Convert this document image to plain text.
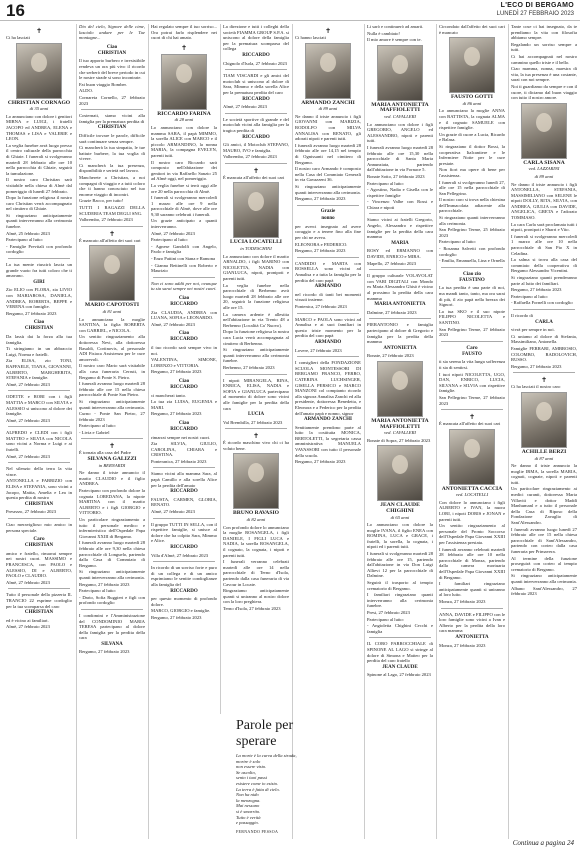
16	L'ECO DI BERGAMO
LUNEDÌ 27 FEBBRAIO 2023
✝

Ci ha lasciati

CHRISTIAN CORNAGO
di 35 anni

Lo annunciano con dolore i genitori MIRNA e LUIGI, i fratelli JACOPO ed ANDREA, ELENA e THOMAS e LISA e VALERIE e LEON.

La veglia funebre avrà luogo presso il centro culturale della parrocchia di Ghiaie. I funerali si svolgeranno martedì 28 febbraio alle ore 10 nella parrocchia di Ghiaie, seguirà la tumulazione.

Il nostro caro Christian sarà visitabile nella chiesa di Almè dal pomeriggio di lunedì 27 febbraio.

Dopo la funzione religiosa il nostro caro Christian verrà accompagnato nel cimitero di Ghiaie.

Si ringraziano anticipatamente quanti interverranno alla cerimonia funebre.

Almè, 25 febbraio 2023

Partecipano al lutto:

- Famiglie Previtali con profondo cordoglio

La tua mente riuscirà lascia un grande vuoto fra tutti coloro che ti amavano.

GIRI

Zio ELIO con FLORA, zia LIVIO con MARIAROSA, DANIELA, ANDREA, ROBERTA, BEPPE e VERENA con famiglie.

Bergamo, 27 febbraio 2023

Ciao
CHRISTIAN

Da lassù dai la forza alla tua famiglia.

Ti stringiamo in un abbraccio Luigi, Norma e fratelli.

Zia ELISA, zio TONI, RAFFAELE, TIANA, GIOVANNI, ALBERTO, MARGHERITA, STEFANIA e famiglie.

Almè, 27 febbraio 2023

ODETTE e ROBI con i figli MATTIA e MARCO con SILVIA e ALESSIO si uniscono al dolore dei famiglie.

Almè, 27 febbraio 2023

ALFREDO e CLEDI con i figli MATTEO e SILVIA con NICOLA sono vicini a Norma e Luigi e ai fratelli.

Almè, 27 febbraio 2023

Nel silenzio della terra la vita vince.

ANTONELLA e FABRIZIO con ELISA e STEFANIA, sono vicini a Jacopo, Mattia, Amelia e Lea in questa perdita di nostro

CHRISTIAN

Presezzo, 27 febbraio 2023

Ciao meraviglioso mio amico in persona speciale.

Caro
CHRISTIAN

amico e fratello, rimarrai sempre nei nostri cuori. MASSIMO e FRANCESCA, con PAOLO e ALESSIO, DI e ALBERTO, PAOLO e CLAUDIO.

Almè, 27 febbraio 2023

Tutto il personale della pizzeria IL TRANCIO 22 esprime cordoglio per la tua scomparsa del caro

CHRISTIAN

ed è vicino ai familiari.

Almè, 27 febbraio 2023

Dio del cielo, Signore delle cime, lascialo andare per le Tue montagne...

Ciao
CHRISTIAN

Il tuo apporto burbero e irresistibile rendeva un ora più vivo il ricordo che serberò del breve periodo in cui le nostre strade si sono incontrate.

Fai buon viaggio Bomber.

ALDO.

Cornareta Cornello, 27 febbraio 2023

Costernati, siamo vicini alla famiglia per la prematura perdita di

CHRISTIAN

Difficile trovare le parole, difficile sarà continuare senza sempre.

Ci mancherà la tua simpatia, le tue battute burbere, la tua voglia di vivere.

Ci mancherà la tua presenza, disponibilità e serietà nel lavoro.

Mancherete a Christian, a noi compagni di viaggio e a tutti coloro che ti hanno conosciuto nel tuo enorme viaggio di incontri.

Grazie Bacco, per tutto!

TUTTI I RAGAZZI DELLA SCUDERIA TEAM DEGLI SNG.

Valbrembo, 27 febbraio 2023

✝

È mancato all'affetto dei suoi cari

MARIO CAPOTOSTI
di 81 anni

Lo annunciano la moglie SANTINA, la figlia ROBERTA con GABRIEL, e NICOLA.

Un sentito ringraziamento alla dottoressa Nevi, alla dottoressa Basaldi, Cortinovis, al personale ADI Fisiaca Assistenza per le cure amorevoli.

Il nostro caro Mario sarà visitabile alla casa funeraria Cerruti, in Bergamo di Ponte S. Pietro.

I funerali avranno luogo martedì 28 febbraio alle ore 15 nella chiesa parrocchiale di Ponte San Pietro.

Si ringraziano anticipatamente quanti interverranno alla cerimonia.

Curno - Ponte San Pietro, 27 febbraio 2023

Partecipano al lutto:

- Livia e Gabriel

✝

È tornata alla casa del Padre

SILVANA GALIZZI
in BERNARDI

Ne danno il triste annuncio il marito CLAUDIO e il figlio ANDREA.

Partecipano con profondo dolore la cognata LOREDANA, la nipote MARTINA con il marito ALBERTO e i figli GIORGIO e VITTORIO.

Un particolare ringraziamento a tutto il personale medico e infermieristico dell'Ospedale Papa Giovanni XXIII di Bergamo.

I funerali avranno luogo martedì 28 febbraio alle ore 9,30 nella chiesa parrocchiale di Longuelo, partendo dalla Casa di Commiato di Bergamo.

Si ringraziano anticipatamente quanti interverranno alla cerimonia.

Bergamo, 27 febbraio 2023

Partecipano al lutto:

- Dario, Sofia Ruggieri e figli con profondo cordoglio

I condomini e l'Amministrazione del CONDOMINIO MARIA TERESA partecipano al dolore della famiglia per la perdita della cara

SILVANA

Bergamo, 27 febbraio 2023

Hai regalato sempre il tuo sorriso... Ora potrai farlo risplendere nei cuori di chi hai amato.

✝
RICCARDO FARINA
di 28 anni

Lo annunciano con dolore la mamma SARA, il papà MIMMO, la sorella ALICE con MARCO e il piccolo ARMANDINO, la nonna MARIA, la compagna EVELYN, parenti tutti.

Il nostro caro Riccardo sarà composto nell'abitazione dei genitori in via Raffaello Sanzio 25 ad Almè oggi, nel pomeriggio.

La veglia funebre si terrà oggi alle ore 20 nella parrocchia di Almè.

I funerali si svolgeranno mercoledì 1 marzo alle ore 9 nella parrocchiale di Almè, dove alle ore 9,30 saranno celebrati i funerali.

Un grazie anticipato a quanti interverranno.

Almè, 27 febbraio 2023

Partecipano al lutto:

- Agnese Gandolfi con Angelo, Paolo e famiglia

- Enzo Pattini con Siana e Ramona

- Gianna Bettinelli con Roberto e Maurizio

Non ci sono addii per noi, ovunque tu sia sarai sempre nei nostri cuori.

Ciao
RICCARDO

Zia CLAUDIA, ANDREA con LUANA, SOFIA e LEONARDO.

Almè, 27 febbraio 2023

Ciao
RICCARDO

il tuo ricordo sarà sempre vivo in noi.

VALENTINA, SIMONE, LORENZO e VITTORIA.

Bergamo, 27 febbraio 2023

Ciao
RICCARDO

ci mancherai tanto.

La tua zia LUISA, EUGENIA e MARI.

Bergamo, 27 febbraio 2023

Ciao
RICCARDO

rimarrai sempre nei nostri cuori.

Zia SILVIA, GIULIO, CAROLINA, CHIARA e CRISTINA.

Ponteranica, 27 febbraio 2023

Siamo vicini alla mamma Sara, al papà Camillo e alla sorella Alice per la perdita dell'amato

RICCARDO

FAUSTA, CARMEN, GLORIA, RENATO.

Almè, 27 febbraio 2023

Il gruppo TUTTI IN SELLA, con il rispettive famiglie, si unisce al dolore che ha colpito Sara, Mimmo e Alice.

RICCARDO

Villa d'Almè, 27 febbraio 2023

In ricordo di un sorriso forte e puro di un collega e di un amico esprimiamo le sentite condoglianze alla famiglia del

RICCARDO

per questo momento di profondo dolore.

MARCO, GIORGIO e famiglie.

Bergamo, 27 febbraio 2023

La direzione e tutti i colleghi della società FIAMMA GROUP S.P.A. si uniscono al dolore della famiglia per la prematura scomparsa del collega

RICCARDO

Chignolo d'Isola, 27 febbraio 2023

TIAM VISCARDI e gli amici del motoclub si uniscono al dolore di Sara, Mimmo e della sorella Alice per la prematura perdita del caro

RICCARDO

Almè, 27 febbraio 2023

Le società sportive di grande e del motoclub vicini alla famiglia per la tragica perdita di

RICCARDO

Gli amici, il Motoclub STEFANO, MAURO, IVO e famiglia.

Valbrembo, 27 febbraio 2023

✝

È mancata all'affetto dei suoi cari

LUCIA LOCATELLI
in TODESCHINI

Lo annunciano con dolore il marito ARNALDO, i figli MARINO con NICOLETTA, NADIA con GIANLUCA, nipoti, pronipoti e parenti tutti.

La veglia funebre nella parrocchiale di Berbenno avrà luogo martedì 28 febbraio alle ore 20, seguirà la funzione religiosa alle ore 15.

La camera ardente è allestita nell'abitazione in via Trento 48 a Berbenno (Località Ca' Nuovo).

Dopo la funzione religiosa la nostra cara Lucia verrà accompagnata al cimitero di Berbenno.

Si ringraziano anticipatamente quanti interverranno alla cerimonia funebre.

Berbenno, 27 febbraio 2023

I nipoti MIRANGELA, RINA, ENRICA, ELISA, NADIA e SOFIA e GIANLUCA partecipano al momento di dolore sono vicini alle famiglie per la perdita della cara

LUCIA

Val Brembilla, 27 febbraio 2023

✝

È ricordo maschino vivo chi ci ha voluto bene.

BRUNO RAVASIO
di 82 anni

Con profondo dolore lo annunciano la moglie ROSANGELA, i figli DANIELE, I FIGLI LUCA e NADIA, la sorella ROSANGELA, il cognato, la cognata, i nipoti e parenti tutti.

I funerali verranno celebrati martedì alle ore 14 nella parrocchiale di Terno d'Isola, partendo dalla casa funeraria di via Cavour in Locate.

Ringraziamo anticipatamente quanti si uniranno al nostro dolore con la loro preghiera.

Terno d'Isola, 27 febbraio 2023

✝

Ci hanno lasciati

ARMANDO ZANCHI
di 89 anni

Ne danno il triste annuncio i figli GIOVANNI con MARIZIA, RODOLFO con MILVA ANNALISA con RENATO, gli adorati nipoti e parenti tutti.

I funerali avranno luogo martedì 28 febbraio alle ore 14,15 nel tempio di Ognissanti nel cimitero di Bergamo.

Il nostro caro Armando è composto nella Casa del Commiato Generali in via Gavazzeni 36.

Si ringraziano anticipatamente quanti interverranno alla cerimonia.

Bergamo, 27 febbraio 2023

Grazie
nonno

per averci insegnato ad avere coraggio e a tenere fino alla fine per chi ne aveva.

ELEONORA e FEDERICO.

Bergamo, 27 febbraio 2023

CANDIDO e MARTA con ROSSELLA sono vicini ad Annalisa e a tutta la famiglia per la perdita del caro papà

ARMANDO

nel ricordo di tanti bei momenti vissuti insieme.

Pontenica, 27 febbraio 2023

MARCO e PAOLA sono vicini ad Annalisa e ai suoi familiari in questo triste momento per la perdita del caro papà

ARMANDO

Lovere, 27 febbraio 2023

I consiglieri della FONDAZIONE SCUOLA MONTESSORI DI BERGAMO FRANCO, FERRO, CATERINA LUCHSINGER, GISELLA PERSICO e MARCO MANZONI col compianto ricordo alla signora Annalisa Zanchi ed alla presidente, dottoressa Benedetta, e Eleonora e a Federico per la perdita dell'amato papà e nonno, signor

ARMANDO ZANCHI

Sentitamente prendono parte al lutto la costituita MONICA, BERTOLETTI, la segretaria cassa amministrativa MANUELA VAVASSORI con tutto il personale della scuola.

Bergamo, 27 febbraio 2023

Li sarò e continuerò ad amarti.

Nulla è cambiato!

Il mio amore è sempre con te.

MARIA ANTONIETTA MAFFIOLETTI
ved. CAVALLERI

Lo annunciano con dolore i figli GREGORIO, ANGELO ed ALESSANDRO, nipoti e parenti tutti.

I funerali avranno luogo martedì 28 febbraio alle ore 15,30 nella parrocchiale di Santa Maria Annunziata, partendo dall'abitazione in via Fornace 5.

Bonate Sotto, 27 febbraio 2023

Partecipano al lutto:

- Agostino, Nadia e Gisella con le rispettive famiglie

- Vincenzo Valbe con Rossi e Chiara e nipoti

Siamo vicini ai fratelli Gregorio, Angelo, Alessandro e rispettive famiglie per la perdita della cara mamma

MARIA

ROSY ed ERMANNO con DAVIDE, ENRICO e MIRA.

Mapello, 27 febbraio 2023

Il gruppo culturale VOLAVOLAT con VARI DIGITALI con Mondo ex Maria Alessandro Ghisò è vicino al prossimo la perdita della cara mamma

MARIA ANTONIETTA

Dalmine, 27 febbraio 2023

PIERANTONIO e famiglia partecipano al dolore di Gregorio e famiglia per la perdita della mamma

ANTONIETTA

Bonate, 27 febbraio 2023

MARIA ANTONIETTA MAFFIOLETTI
ved. CAVALLERI

Bonate di Sopra, 27 febbraio 2023

JEAN CLAUDE CHIGHINI
di 65 anni

Lo annunciano con dolore la moglie IVANA, il figlio ENEA con ROMINA, LUCA e GRACE, i fratelli, la sorella, la cognata, i nipoti ed i parenti tutti.

I funerali si svolgeranno martedì 28 febbraio alle ore 15, partendo dall'abitazione in via Don Luigi Allievi 12 per la parrocchiale di Dalmine.

Seguirà il trasporto al tempio crematorio di Bergamo.

I familiari ringraziano quanti interverranno alla cerimonia funebre.

Presi, 27 febbraio 2023

Partecipano al lutto:

- Angioletta Chighini Cecchi e famiglia

IL CORO PARROCCHIALE di SPINONE AL LAGO si stringe al dolore di Simona e Matteo per la perdita del caro fratello

JEAN CLAUDE

Spinone al Lago, 27 febbraio 2023

Circondato dall'affetto dei suoi cari è mancato

FAUSTO GOTTI
di 86 anni

Lo annunciano la moglie ANNA con BATTISTA, la cognata ALMA e il cognato SAMUELE con rispettive famiglie.

Un grazie di cuore a Lucia, Ricardo e Balasa.

Si ringraziano il dottor Bossi, la cooperativa Italcantiere e le Infermiere Notte per le cure prestate.

Non fiori ma opere di bene per l'assistenza.

I funerali si svolgeranno lunedì 27, alle ore 15 nella parrocchiale di San Pellegrino.

Il nostro caro si trova nella chiesina dell'Immacolata adiacente alla parrocchiale.

Si ringraziano quanti interverranno alla cerimonia.

San Pellegrino Terme, 25 febbraio 2023

Partecipano al lutto:

- Rosanna Salvetti con profondo cordoglio

- Emilia, Emanuella, Lina e Ornella

Ciao zio
FAUSTINO

La tua perdita è una parte di noi, ma mandi tanto, tanto, ma ora sarai di più, il zio papà nella brezza dei Signori.

La tua SKO e il suo nipote FILIPPO NICOLETTA e SANTINO.

San Pellegrino Terme, 27 febbraio 2023

Caro
FAUSTO

ti sia serena la vita lunga sofferenza ti sia di sentirsi.

I tuoi nipoti NICOLETTA, UGO, DAN, ENRICO, LUCIA, SILVANA e SILVIA con rispettive famiglie.

San Pellegrino Terme, 27 febbraio 2023

✝

È mancata all'affetto dei suoi cari

ANTONIETTA CACCIA
ved. LOCATELLI

Con dolore lo annunciano i figli ALBERTO e IVAN, la nuora LORI, i nipoti DORIS e JONAN e parenti tutti.

Un sentito ringraziamento al personale del Pronto Soccorso dell'Ospedale Papa Giovanni XXIII per l'assistenza prestata.

I funerali avranno celebrati martedì 28 febbraio alle ore 10 nella parrocchiale di Monza, partendo dalla camera mortuaria dell'Ospedale Papa Giovanni XXIII di Bergamo.

I familiari ringraziano anticipatamente quanti si uniranno al loro lutto.

Monza, 27 febbraio 2023

ANNA, DAVIDE e FILIPPO con le loro famiglie sono vicini a Ivan e Alberto per la perdita della loro cara mamma

ANTONIETTA

Monza, 27 febbraio 2023

Tante cose ci hai insegnato, da te prendiamo la vita con filosofia abbiamo sempre.

Regalando un sorriso sempre a tutti.

Ci hai accompagnati nel nostro cammino quello triste e il bello.

Ciao mamma, nonna, maestra di vita, la tua presenza è una costante, sarai con noi sempre.

Noi ti guardiamo da sempre e con il cuore, ti diciamo dal buon viaggio con tutto il nostro amore.

CARLA SISANA
ved. LAZZARINI
di 89 anni

Ne danno il triste annuncio i figli ANTONELLA, STEFANIA, MASSIMILIANO con SELENE le nipoti DOLLY, RITA, SILVIA, con ANDREA, GIULIA con DAVIDE, ANGELICA, GRETA e l'adorato TOMMASO.

La cara Carla sarà proclamata tutti i nipoti, pronipoti e Sharri e Vito.

I funerali si svolgeranno mercoledì 1 marzo alle ore 10 nella parrocchiale di San Pio X in Celadina.

La salma si trova alla casa del commiato della cooperativa di Bergamo Alessandro Vicentini.

Si ringraziano quanti prenderanno parte al lutto dei familiari.

Bergamo, 27 febbraio 2023

Partecipano al lutto:

- Raffaella Fornelli con cordoglio

Il ricordo di

CARLA

vivrà per sempre in noi.

Ci uniamo al dolore di Stefania, Massimiliano, Antonella.

Famiglie FERRARI, AMBROSIO, COLOMBO, RADOLOVICH, RUSSO.

Bergamo, 27 febbraio 2023

✝

Ci ha lasciati il nostro caro

ACHILLE BERZI
di 87 anni

Ne danno il triste annuncio la moglie IRMA, la sorella MARIA, cognati, cognate, nipoti e parenti tutti.

Un particolare ringraziamento ai medici curanti, dottoressa Maria Villaviti e dottor Maddì Manhumanl e a tutto il personale della Casa di Riposo della Fondazione Zavaglio di Sant'Alessandro.

I funerali avranno luogo lunedì 27 febbraio alle ore 15 nella chiesa parrocchiale di Sant'Alessandro, partendo con corteo dalla casa funeraria per Primavera.

Al termine della funzione proseguirà con corteo al tempio crematorio di Bergamo.

Si ringraziano anticipatamente quanti interverranno alla cerimonia.

Albano Sant'Alessandro, 27 febbraio 2023

Parole per sperare
La morte è la curva della strada,
morire è solo
non essere visto.
Se ascolto,
sento i tuoi passi
esistere come io esisto.
La terra è fatta di cielo.
Non ha nido
la menzogna.
Mai nessuno
si è smarrito.
Tutto è verità
e passaggio.
FERNANDO PESSOA
Continua a pagina 24
